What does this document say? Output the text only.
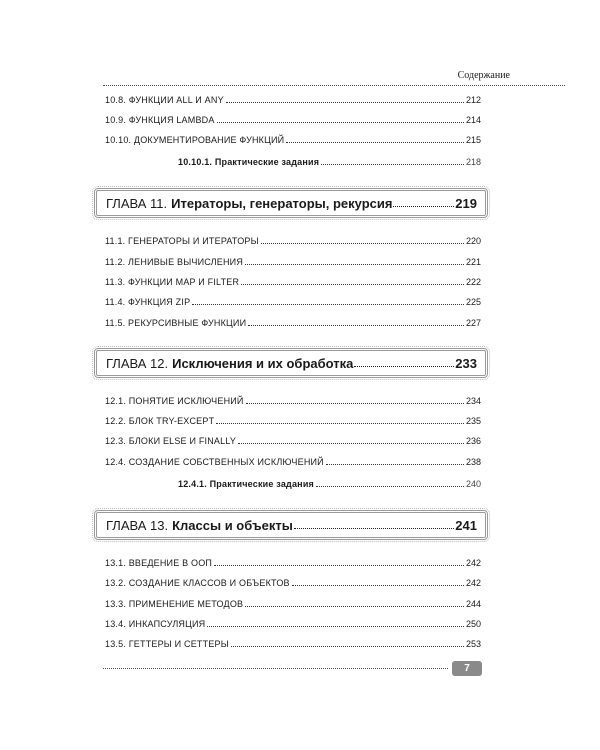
Содержание
10.8. ФУНКЦИИ ALL И ANY	212
10.9. ФУНКЦИЯ LAMBDA	214
10.10. ДОКУМЕНТИРОВАНИЕ ФУНКЦИЙ	215
10.10.1. Практические задания	218
ГЛАВА 11. Итераторы, генераторы, рекурсия	219
11.1. ГЕНЕРАТОРЫ И ИТЕРАТОРЫ	220
11.2. ЛЕНИВЫЕ ВЫЧИСЛЕНИЯ	221
11.3. ФУНКЦИИ MAP И FILTER	222
11.4. ФУНКЦИЯ ZIP	225
11.5. РЕКУРСИВНЫЕ ФУНКЦИИ	227
ГЛАВА 12. Исключения и их обработка	233
12.1. ПОНЯТИЕ ИСКЛЮЧЕНИЙ	234
12.2. БЛОК TRY-EXCEPT	235
12.3. БЛОКИ ELSE И FINALLY	236
12.4. СОЗДАНИЕ СОБСТВЕННЫХ ИСКЛЮЧЕНИЙ	238
12.4.1. Практические задания	240
ГЛАВА 13. Классы и объекты	241
13.1. ВВЕДЕНИЕ В ООП	242
13.2. СОЗДАНИЕ КЛАССОВ И ОБЪЕКТОВ	242
13.3. ПРИМЕНЕНИЕ МЕТОДОВ	244
13.4. ИНКАПСУЛЯЦИЯ	250
13.5. ГЕТТЕРЫ И СЕТТЕРЫ	253
7
